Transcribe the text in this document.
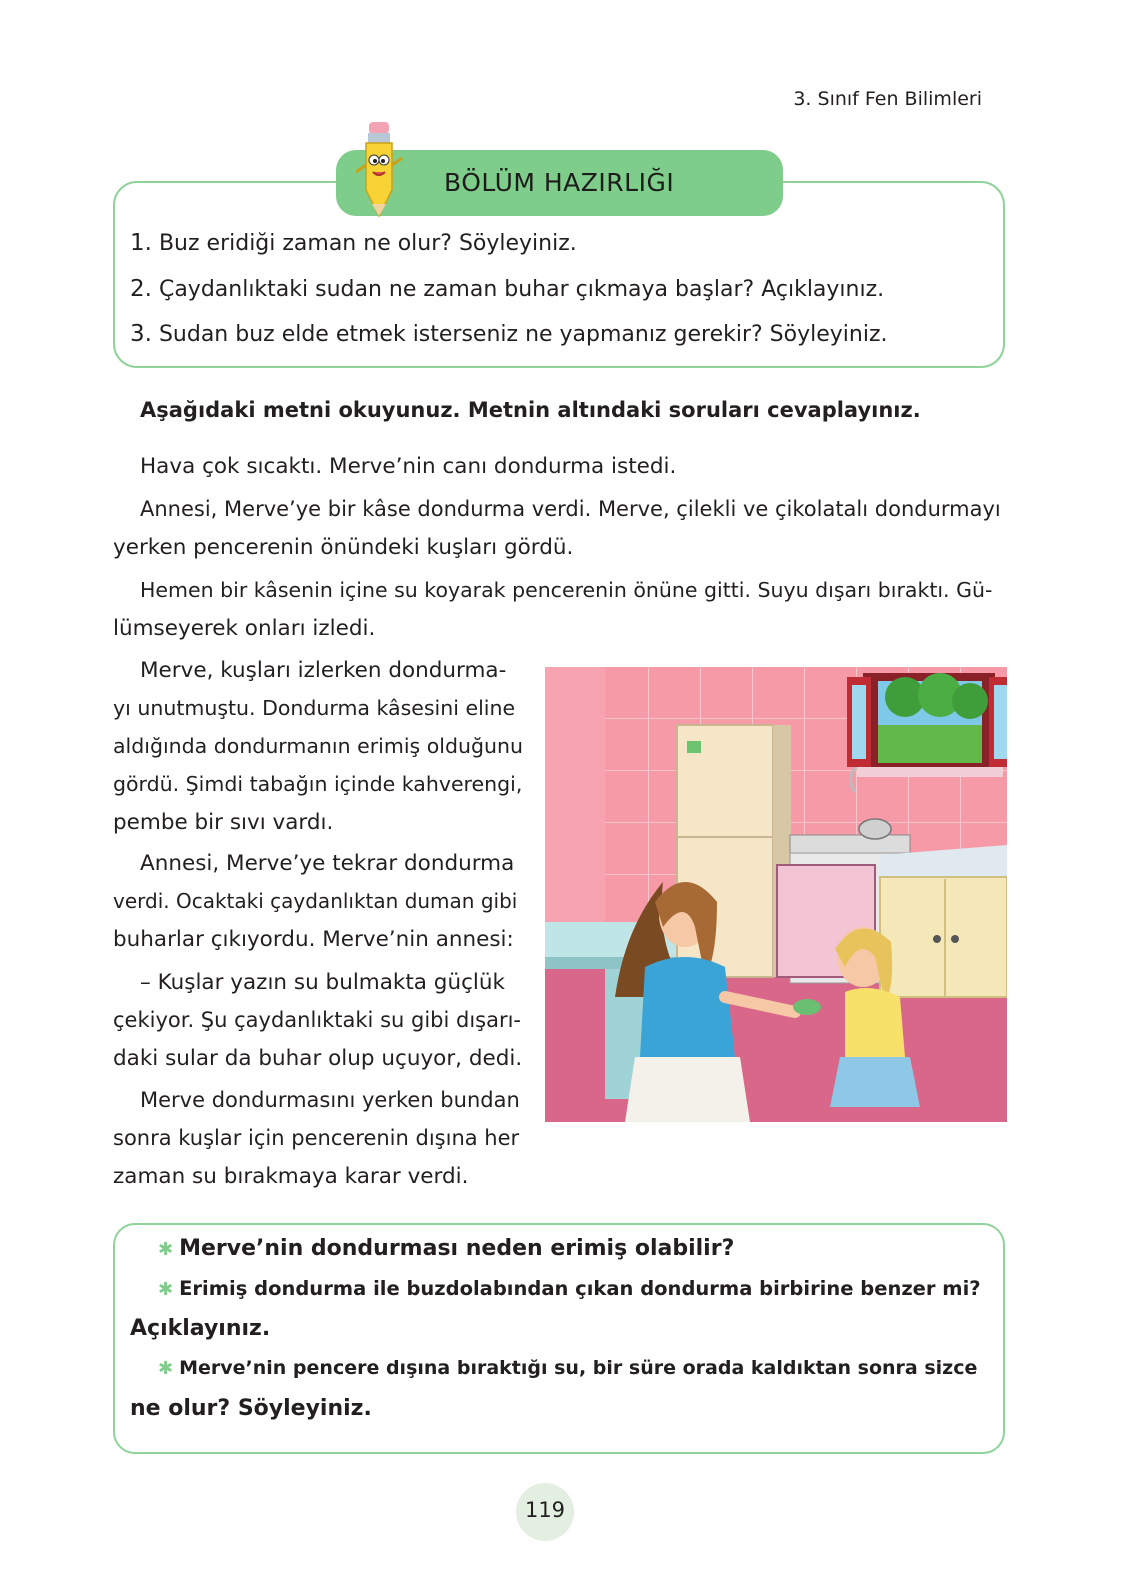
3. Sınıf Fen Bilimleri
BÖLÜM HAZIRLIĞI
1. Buz eridiği zaman ne olur? Söyleyiniz.
2. Çaydanlıktaki sudan ne zaman buhar çıkmaya başlar? Açıklayınız.
3. Sudan buz elde etmek isterseniz ne yapmanız gerekir? Söyleyiniz.
Aşağıdaki metni okuyunuz. Metnin altındaki soruları cevaplayınız.
Hava çok sıcaktı. Merve’nin canı dondurma istedi.
Annesi, Merve’ye bir kâse dondurma verdi. Merve, çilekli ve çikolatalı dondurmayı
yerken pencerenin önündeki kuşları gördü.
Hemen bir kâsenin içine su koyarak pencerenin önüne gitti. Suyu dışarı bıraktı. Gü-
lümseyerek onları izledi.
Merve, kuşları izlerken dondurma-
yı unutmuştu. Dondurma kâsesini eline
aldığında dondurmanın erimiş olduğunu
gördü. Şimdi tabağın içinde kahverengi,
pembe bir sıvı vardı.
Annesi, Merve’ye tekrar dondurma
verdi. Ocaktaki çaydanlıktan duman gibi
buharlar çıkıyordu. Merve’nin annesi:
– Kuşlar yazın su bulmakta güçlük
çekiyor. Şu çaydanlıktaki su gibi dışarı-
daki sular da buhar olup uçuyor, dedi.
Merve dondurmasını yerken bundan
sonra kuşlar için pencerenin dışına her
zaman su bırakmaya karar verdi.
✱ Merve’nin dondurması neden erimiş olabilir?
✱ Erimiş dondurma ile buzdolabından çıkan dondurma birbirine benzer mi?
Açıklayınız.
✱ Merve’nin pencere dışına bıraktığı su, bir süre orada kaldıktan sonra sizce
ne olur? Söyleyiniz.
119
